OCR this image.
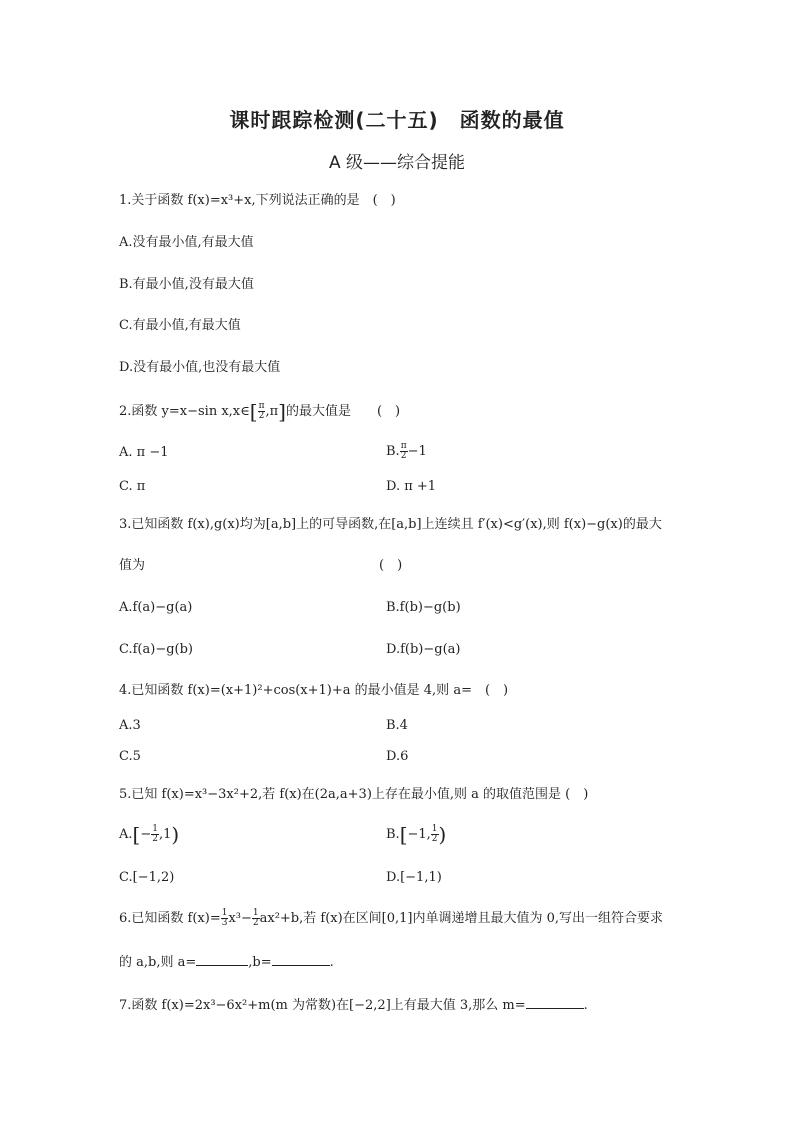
课时跟踪检测(二十五)　函数的最值
A 级——综合提能
1.关于函数 f(x)=x³+x,下列说法正确的是　(　)
A.没有最小值,有最大值
B.有最小值,没有最大值
C.有最小值,有最大值
D.没有最小值,也没有最大值
2.函数 y=x−sin x,x∈[ $\frac{\pi}{2} ,\pi$]的最大值是　　(　)
A. π −1	B. $\frac{\pi}{2} -1$
C. π	D. π +1
3.已知函数 f(x),g(x)均为[a,b]上的可导函数,在[a,b]上连续且 f′(x)<g′(x),则 f(x)−g(x)的最大
值为　　　　　　　　　　　　　　　　　　(　)
A.f(a)−g(a)	B.f(b)−g(b)
C.f(a)−g(b)	D.f(b)−g(a)
4.已知函数 f(x)=(x+1)²+cos(x+1)+a 的最小值是 4,则 a=　(　)
A.3	B.4
C.5	D.6
5.已知 f(x)=x³−3x²+2,若 f(x)在(2a,a+3)上存在最小值,则 a 的取值范围是 (　)
$A.[- \frac{1}{2} ,1)$	B.[−1, $\frac{1}{2}$ )
C.[−1,2)	D.[−1,1)
6.已知函数 $f(x)= \frac{1}{3} x^3- \frac{1}{2} ax^2+b$,若 f(x)在区间[0,1]内单调递增且最大值为 0,写出一组符合要求
的 a,b,则 a=	,b=	.
7.函数 f(x)=2x³−6x²+m(m 为常数)在[−2,2]上有最大值 3,那么 m=	.
